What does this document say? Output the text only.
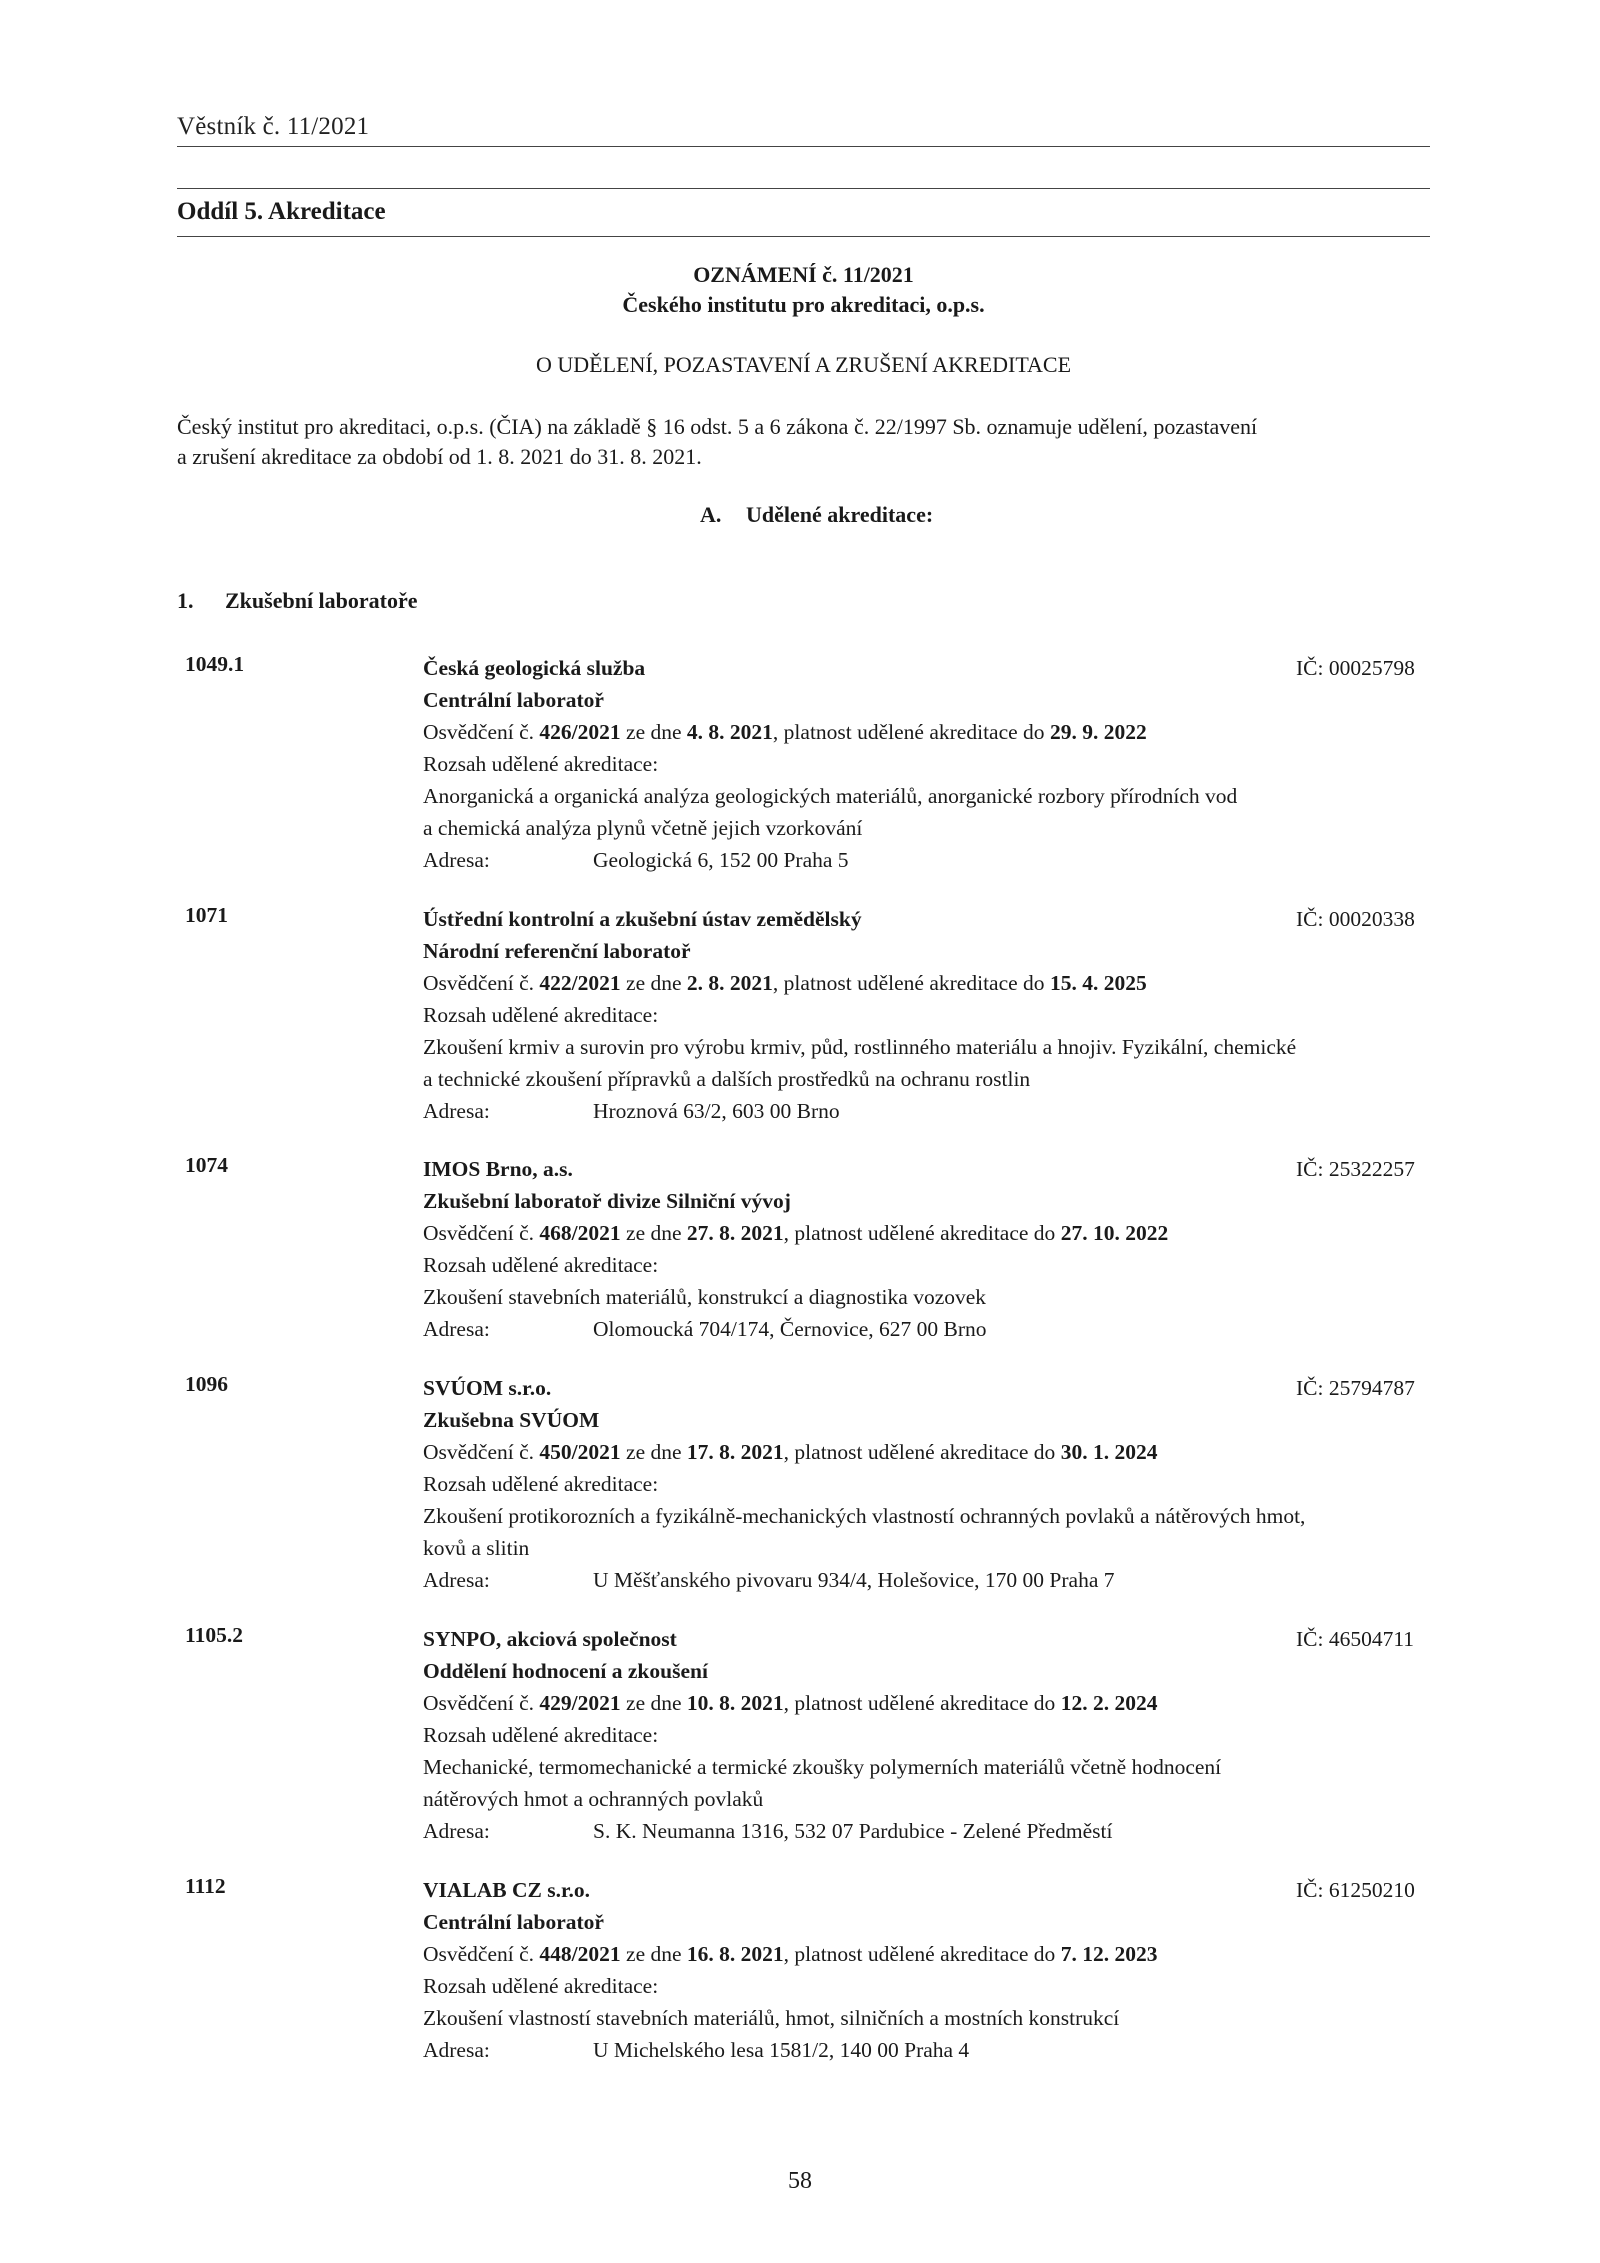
Věstník č. 11/2021
Oddíl 5. Akreditace
OZNÁMENÍ č. 11/2021
Českého institutu pro akreditaci, o.p.s.
O UDĚLENÍ, POZASTAVENÍ A ZRUŠENÍ AKREDITACE
Český institut pro akreditaci, o.p.s. (ČIA) na základě § 16 odst. 5 a 6 zákona č. 22/1997 Sb. oznamuje udělení, pozastavení
a zrušení akreditace za období od 1. 8. 2021 do 31. 8. 2021.
A. Udělené akreditace:
1. Zkušební laboratoře
1049.1	Česká geologická služba
Centrální laboratoř
Osvědčení č. 426/2021 ze dne 4. 8. 2021, platnost udělené akreditace do 29. 9. 2022
Rozsah udělené akreditace:
Anorganická a organická analýza geologických materiálů, anorganické rozbory přírodních vod
a chemická analýza plynů včetně jejich vzorkování
Adresa:	Geologická 6, 152 00 Praha 5
IČ: 00025798
1071	Ústřední kontrolní a zkušební ústav zemědělský
Národní referenční laboratoř
Osvědčení č. 422/2021 ze dne 2. 8. 2021, platnost udělené akreditace do 15. 4. 2025
Rozsah udělené akreditace:
Zkoušení krmiv a surovin pro výrobu krmiv, půd, rostlinného materiálu a hnojiv. Fyzikální, chemické
a technické zkoušení přípravků a dalších prostředků na ochranu rostlin
Adresa:	Hroznová 63/2, 603 00 Brno
IČ: 00020338
1074	IMOS Brno, a.s.
Zkušební laboratoř divize Silniční vývoj
Osvědčení č. 468/2021 ze dne 27. 8. 2021, platnost udělené akreditace do 27. 10. 2022
Rozsah udělené akreditace:
Zkoušení stavebních materiálů, konstrukcí a diagnostika vozovek
Adresa:	Olomoucká 704/174, Černovice, 627 00 Brno
IČ: 25322257
1096	SVÚOM s.r.o.
Zkušebna SVÚOM
Osvědčení č. 450/2021 ze dne 17. 8. 2021, platnost udělené akreditace do 30. 1. 2024
Rozsah udělené akreditace:
Zkoušení protikorozních a fyzikálně-mechanických vlastností ochranných povlaků a nátěrových hmot,
kovů a slitin
Adresa:	U Měšťanského pivovaru 934/4, Holešovice, 170 00 Praha 7
IČ: 25794787
1105.2	SYNPO, akciová společnost
Oddělení hodnocení a zkoušení
Osvědčení č. 429/2021 ze dne 10. 8. 2021, platnost udělené akreditace do 12. 2. 2024
Rozsah udělené akreditace:
Mechanické, termomechanické a termické zkoušky polymerních materiálů včetně hodnocení
nátěrových hmot a ochranných povlaků
Adresa:	S. K. Neumanna 1316, 532 07 Pardubice - Zelené Předměstí
IČ: 46504711
1112	VIALAB CZ s.r.o.
Centrální laboratoř
Osvědčení č. 448/2021 ze dne 16. 8. 2021, platnost udělené akreditace do 7. 12. 2023
Rozsah udělené akreditace:
Zkoušení vlastností stavebních materiálů, hmot, silničních a mostních konstrukcí
Adresa:	U Michelského lesa 1581/2, 140 00 Praha 4
IČ: 61250210
58
